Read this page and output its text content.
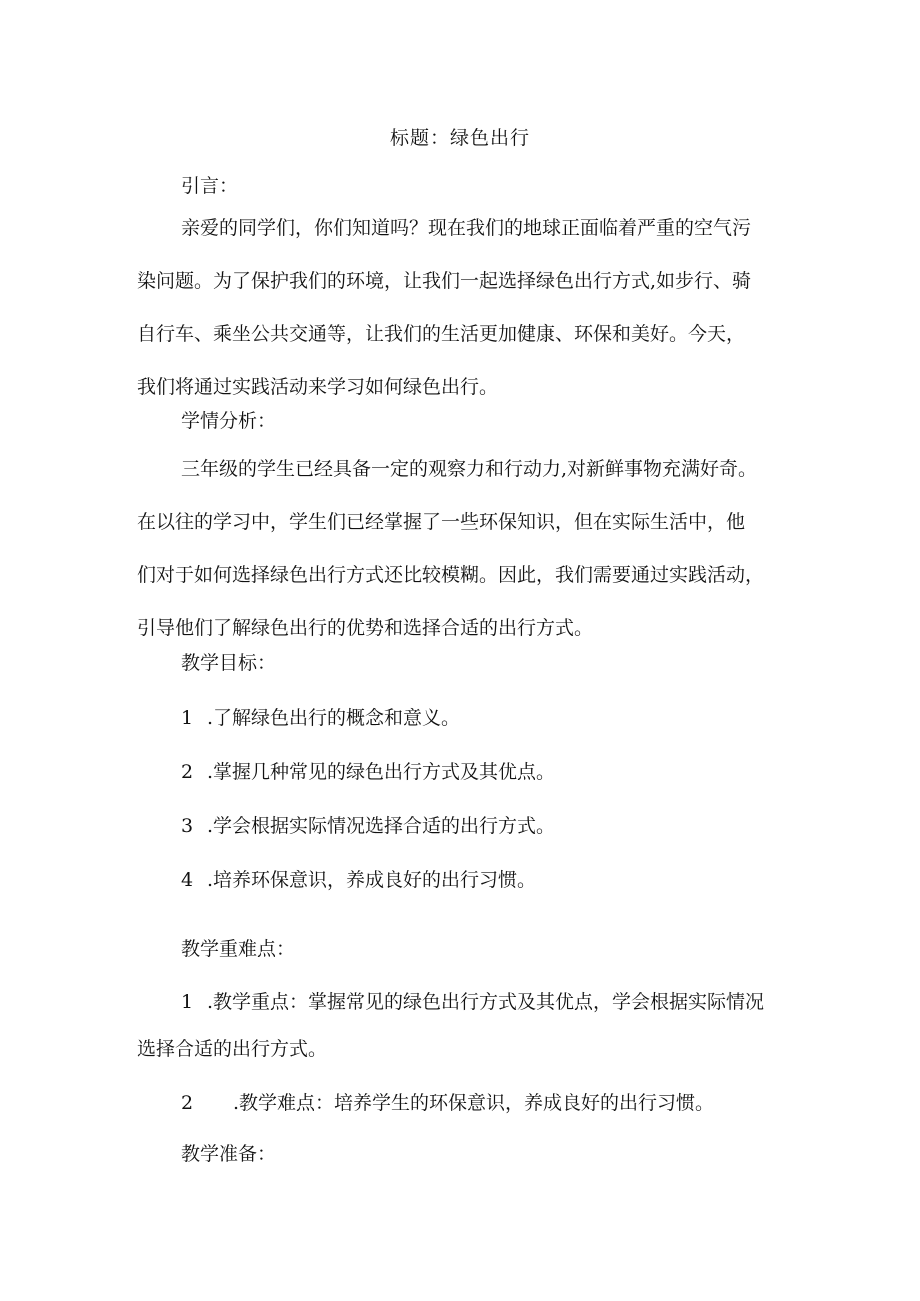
标题：绿色出行
引言：
亲爱的同学们，你们知道吗？现在我们的地球正面临着严重的空气污
染问题。为了保护我们的环境，让我们一起选择绿色出行方式,如步行、骑
自行车、乘坐公共交通等，让我们的生活更加健康、环保和美好。今天，
我们将通过实践活动来学习如何绿色出行。
学情分析：
三年级的学生已经具备一定的观察力和行动力,对新鲜事物充满好奇。
在以往的学习中，学生们已经掌握了一些环保知识，但在实际生活中，他
们对于如何选择绿色出行方式还比较模糊。因此，我们需要通过实践活动，
引导他们了解绿色出行的优势和选择合适的出行方式。
教学目标：
1 .了解绿色出行的概念和意义。
2 .掌握几种常见的绿色出行方式及其优点。
3 .学会根据实际情况选择合适的出行方式。
4 .培养环保意识，养成良好的出行习惯。
教学重难点：
1 .教学重点：掌握常见的绿色出行方式及其优点，学会根据实际情况
选择合适的出行方式。
2 .教学难点：培养学生的环保意识，养成良好的出行习惯。
教学准备：
